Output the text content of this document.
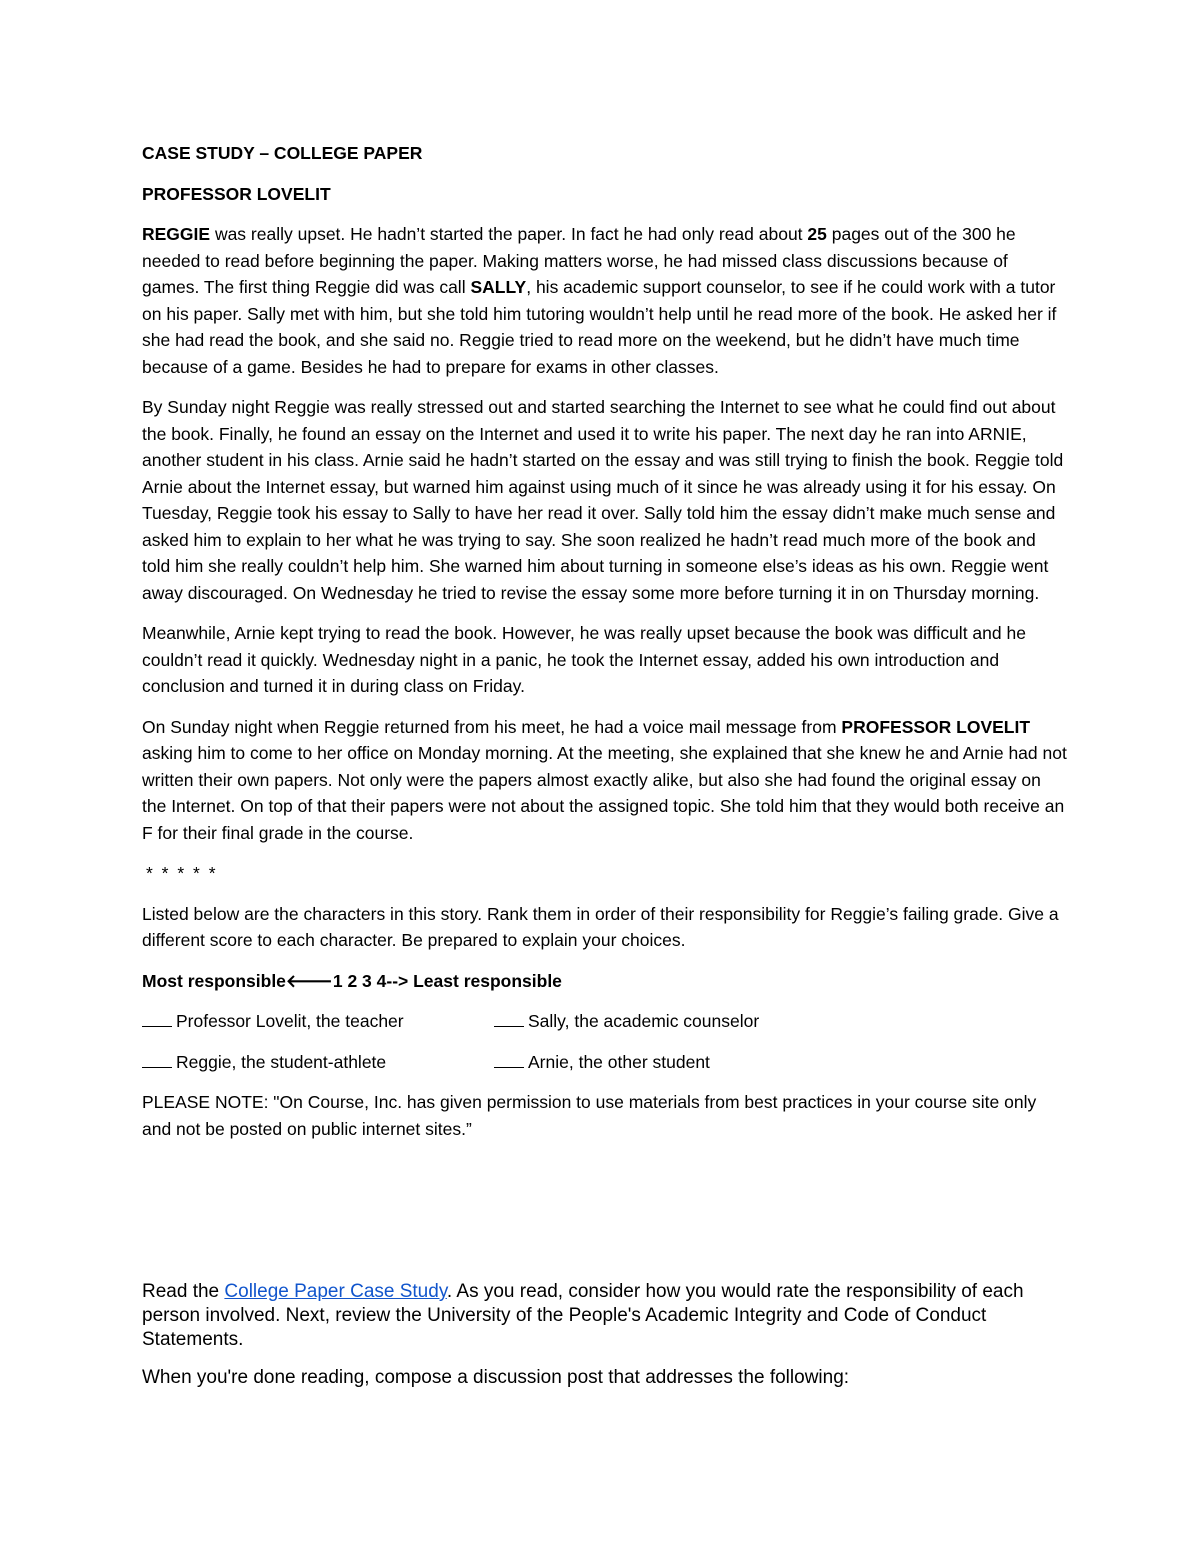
CASE STUDY – COLLEGE PAPER
PROFESSOR LOVELIT

REGGIE was really upset. He hadn’t started the paper. In fact he had only read about 25 pages out of the 300 he needed to read before beginning the paper. Making matters worse, he had missed class discussions because of games. The first thing Reggie did was call SALLY, his academic support counselor, to see if he could work with a tutor on his paper. Sally met with him, but she told him tutoring wouldn’t help until he read more of the book. He asked her if she had read the book, and she said no. Reggie tried to read more on the weekend, but he didn’t have much time because of a game. Besides he had to prepare for exams in other classes.

By Sunday night Reggie was really stressed out and started searching the Internet to see what he could find out about the book. Finally, he found an essay on the Internet and used it to write his paper. The next day he ran into ARNIE, another student in his class. Arnie said he hadn’t started on the essay and was still trying to finish the book. Reggie told Arnie about the Internet essay, but warned him against using much of it since he was already using it for his essay. On Tuesday, Reggie took his essay to Sally to have her read it over. Sally told him the essay didn’t make much sense and asked him to explain to her what he was trying to say. She soon realized he hadn’t read much more of the book and told him she really couldn’t help him. She warned him about turning in someone else’s ideas as his own. Reggie went away discouraged. On Wednesday he tried to revise the essay some more before turning it in on Thursday morning.

Meanwhile, Arnie kept trying to read the book. However, he was really upset because the book was difficult and he couldn’t read it quickly. Wednesday night in a panic, he took the Internet essay, added his own introduction and conclusion and turned it in during class on Friday.

On Sunday night when Reggie returned from his meet, he had a voice mail message from PROFESSOR LOVELIT asking him to come to her office on Monday morning. At the meeting, she explained that she knew he and Arnie had not written their own papers. Not only were the papers almost exactly alike, but also she had found the original essay on the Internet. On top of that their papers were not about the assigned topic. She told him that they would both receive an F for their final grade in the course.

* * * * *

Listed below are the characters in this story. Rank them in order of their responsibility for Reggie’s failing grade. Give a different score to each character. Be prepared to explain your choices.

Most responsible🡐1 2 3 4--> Least responsible
Professor Lovelit, the teacher	Sally, the academic counselor
Reggie, the student-athlete	Arnie, the other student

PLEASE NOTE: "On Course, Inc. has given permission to use materials from best practices in your course site only and not be posted on public internet sites.”

Read the College Paper Case Study. As you read, consider how you would rate the responsibility of each person involved. Next, review the University of the People's Academic Integrity and Code of Conduct Statements.

When you're done reading, compose a discussion post that addresses the following:
